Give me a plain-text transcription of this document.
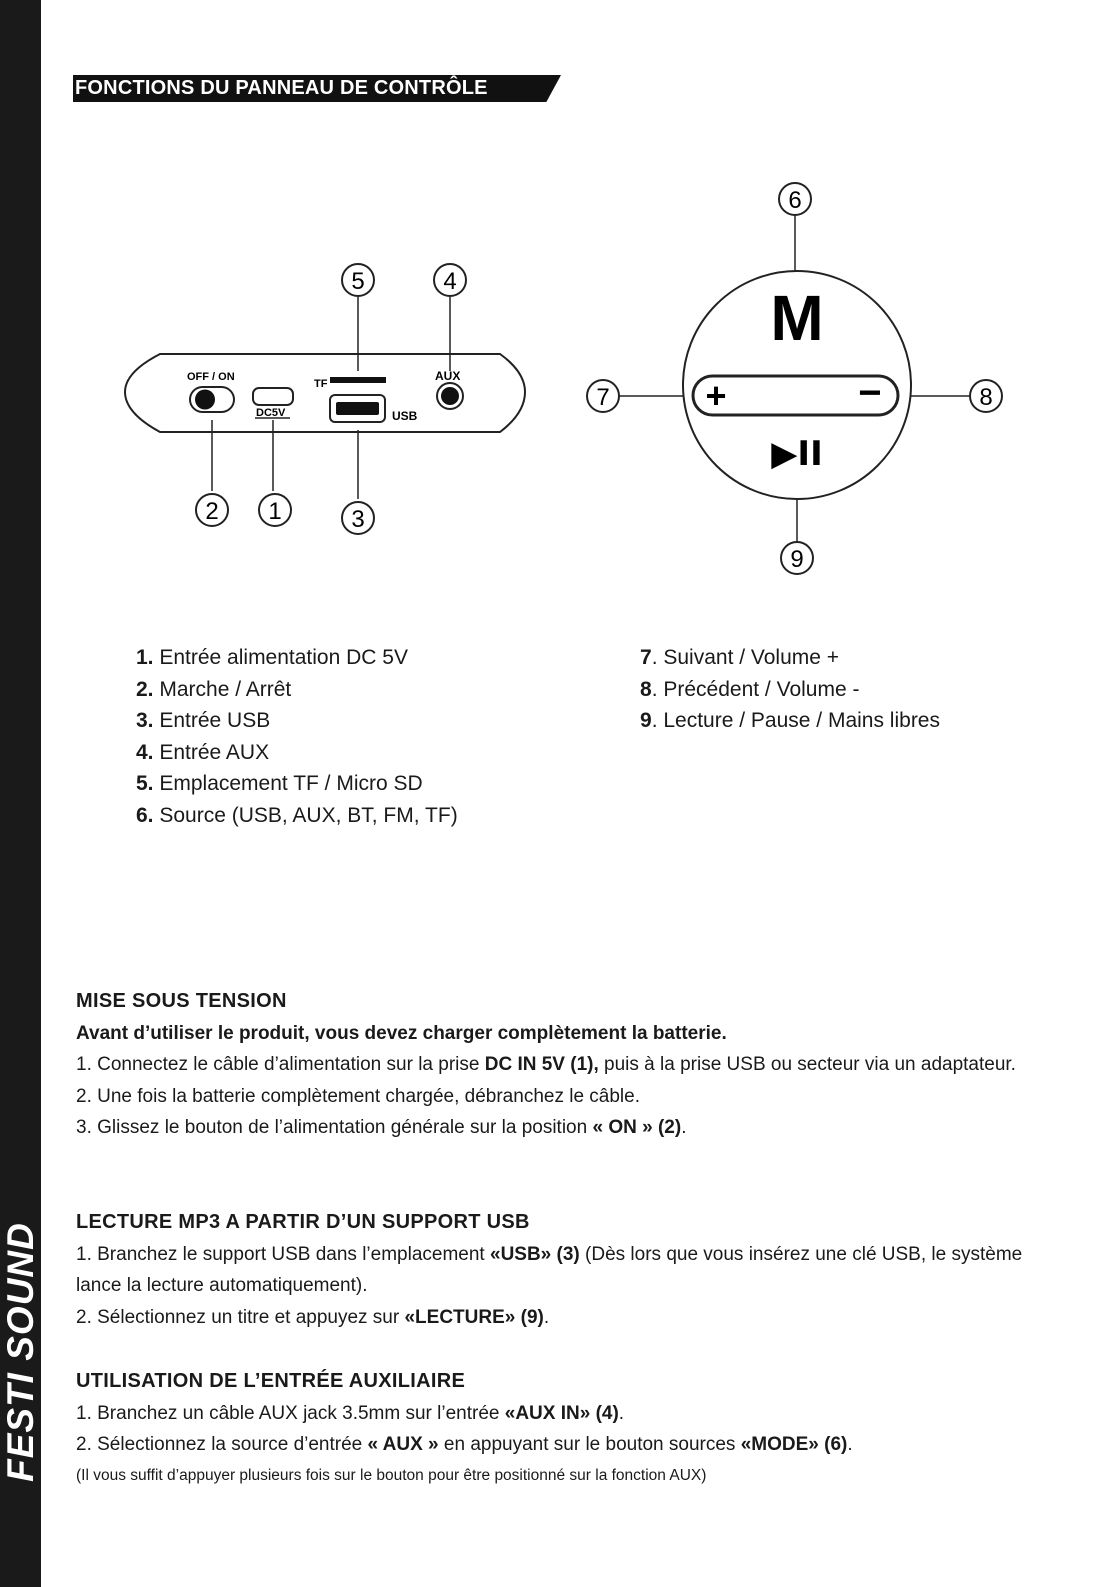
FESTI SOUND
FONCTIONS DU PANNEAU DE CONTRÔLE
OFF / ON
DC5V
TF
USB
AUX
5	4
2 1	3
M
+	−
▶II
6
7	8
9
1. Entrée alimentation DC 5V
2. Marche / Arrêt
3. Entrée USB
4. Entrée AUX
5. Emplacement TF / Micro SD
6. Source (USB, AUX, BT, FM, TF)
7. Suivant / Volume +
8. Précédent / Volume -
9. Lecture / Pause / Mains libres
MISE SOUS TENSION

Avant d’utiliser le produit, vous devez charger complètement la batterie.

1. Connectez le câble d’alimentation sur la prise DC IN 5V (1), puis à la prise USB ou secteur via un adaptateur.

2. Une fois la batterie complètement chargée, débranchez le câble.

3. Glissez le bouton de l’alimentation générale sur la position « ON » (2).

LECTURE MP3 A PARTIR D’UN SUPPORT USB

1. Branchez le support USB dans l’emplacement «USB» (3) (Dès lors que vous insérez une clé USB, le système lance la lecture automatiquement).

2. Sélectionnez un titre et appuyez sur «LECTURE» (9).

UTILISATION DE L’ENTRÉE AUXILIAIRE

1. Branchez un câble AUX jack 3.5mm sur l’entrée «AUX IN» (4).

2. Sélectionnez la source d’entrée « AUX » en appuyant sur le bouton sources «MODE» (6).

(Il vous suffit d’appuyer plusieurs fois sur le bouton pour être positionné sur la fonction AUX)
